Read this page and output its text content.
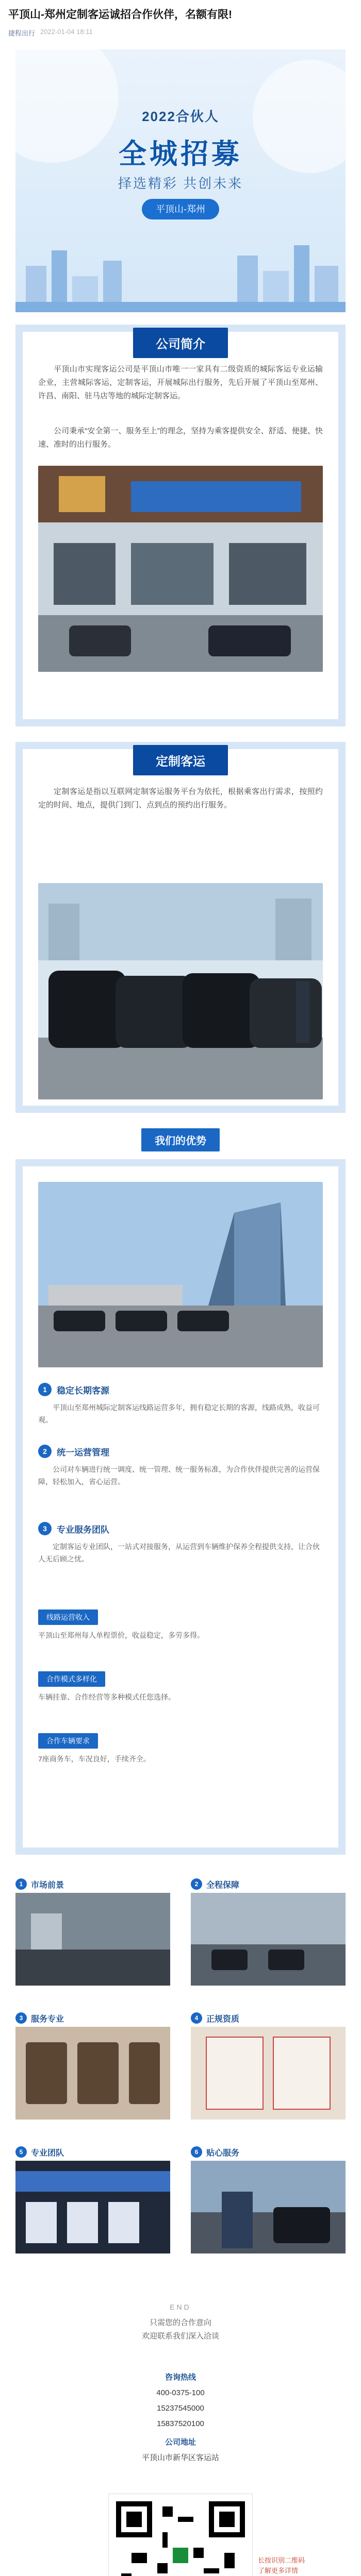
平顶山-郑州定制客运诚招合作伙伴，名额有限!
捷程出行 2022-01-04 18:11
2022合伙人
全城招募
择选精彩 共创未来
平顶山-郑州
公司简介
平顶山市实现客运公司是平顶山市唯一一家具有二级资质的城际客运专业运输企业，主营城际客运，定制客运，开展城际出行服务，先后开展了平顶山至郑州、许昌、南阳、驻马店等地的城际定制客运。
公司秉承“安全第一、服务至上”的理念，坚持为乘客提供安全、舒适、便捷、快速、准时的出行服务。
定制客运
定制客运是指以互联网定制客运服务平台为依托，根据乘客出行需求，按照约定的时间、地点，提供门到门、点到点的预约出行服务。
我们的优势
1	稳定长期客源
平顶山至郑州城际定制客运线路运营多年，拥有稳定长期的客源，线路成熟，收益可观。
2	统一运营管理
公司对车辆进行统一调度、统一管理、统一服务标准，为合作伙伴提供完善的运营保障，轻松加入，省心运营。
3	专业服务团队
定制客运专业团队，一站式对接服务，从运营到车辆维护保养全程提供支持，让合伙人无后顾之忧。
线路运营收入
平顶山至郑州每人单程票价，收益稳定，多劳多得。
合作模式多样化
车辆挂靠、合作经营等多种模式任您选择。
合作车辆要求
7座商务车，车况良好，手续齐全。
1 市场前景	2 全程保障
3 服务专业	4 正规资质
5 专业团队	6 贴心服务
END
只需您的合作意向
欢迎联系我们深入洽谈
咨询热线
400-0375-100
15237545000
15837520100
公司地址
平顶山市新华区客运站
长按识别二维码
了解更多详情
